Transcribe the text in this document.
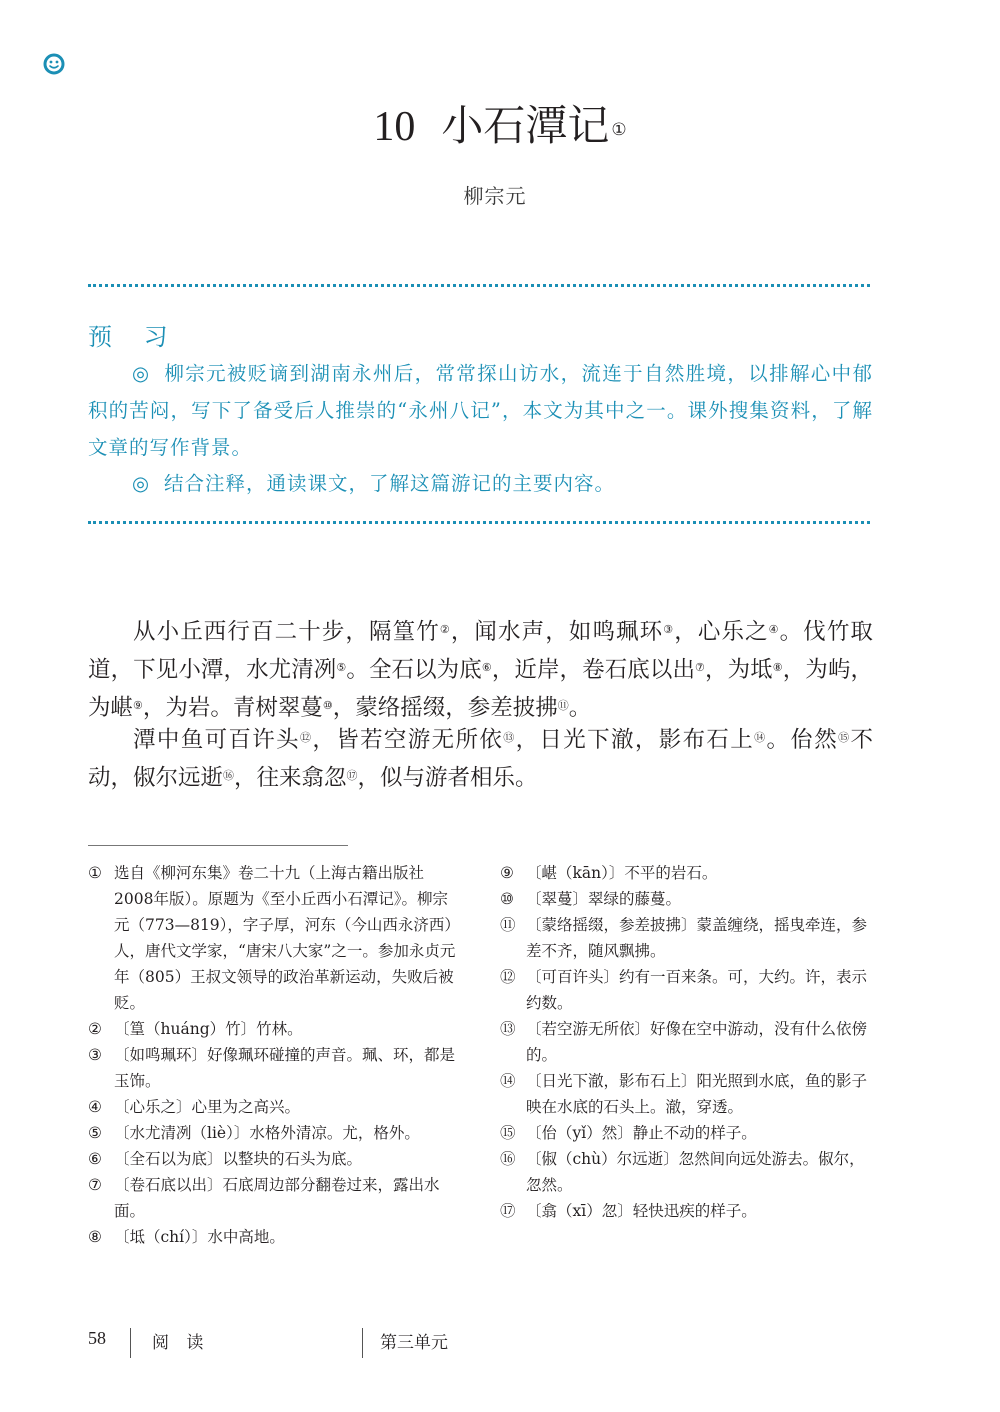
10 小石潭记 ①
柳宗元
预 习
◎ 柳宗元被贬谪到湖南永州后，常常探山访水，流连于自然胜境，以排解心中郁积的苦闷，写下了备受后人推崇的“永州八记”，本文为其中之一。课外搜集资料，了解文章的写作背景。
◎ 结合注释，通读课文，了解这篇游记的主要内容。
从小丘西行百二十步，隔篁竹②，闻水声，如鸣珮环③，心乐之④。伐竹取道，下见小潭，水尤清冽⑤。全石以为底⑥，近岸，卷石底以出⑦，为坻⑧，为屿，为嵁⑨，为岩。青树翠蔓⑩，蒙络摇缀，参差披拂⑪。
潭中鱼可百许头⑫，皆若空游无所依⑬，日光下澈，影布石上⑭。佁然⑮不动，俶尔远逝⑯，往来翕忽⑰，似与游者相乐。

① 选自《柳河东集》卷二十九（上海古籍出版社2008年版）。原题为《至小丘西小石潭记》。柳宗元（773—819），字子厚，河东（今山西永济西）人，唐代文学家，“唐宋八大家”之一。参加永贞元年（805）王叔文领导的政治革新运动，失败后被贬。

② 〔篁（huáng）竹〕竹林。

③ 〔如鸣珮环〕好像珮环碰撞的声音。珮、环，都是玉饰。

④ 〔心乐之〕心里为之高兴。

⑤ 〔水尤清冽（liè）〕水格外清凉。尤，格外。

⑥ 〔全石以为底〕以整块的石头为底。

⑦ 〔卷石底以出〕石底周边部分翻卷过来，露出水面。

⑧ 〔坻（chí）〕水中高地。

⑨ 〔嵁（kān）〕不平的岩石。

⑩ 〔翠蔓〕翠绿的藤蔓。

⑪ 〔蒙络摇缀，参差披拂〕蒙盖缠绕，摇曳牵连，参差不齐，随风飘拂。

⑫ 〔可百许头〕约有一百来条。可，大约。许，表示约数。

⑬ 〔若空游无所依〕好像在空中游动，没有什么依傍的。

⑭ 〔日光下澈，影布石上〕阳光照到水底，鱼的影子映在水底的石头上。澈，穿透。

⑮ 〔佁（yǐ）然〕静止不动的样子。

⑯ 〔俶（chù）尔远逝〕忽然间向远处游去。俶尔，忽然。

⑰ 〔翕（xī）忽〕轻快迅疾的样子。

58	阅 读	第三单元
